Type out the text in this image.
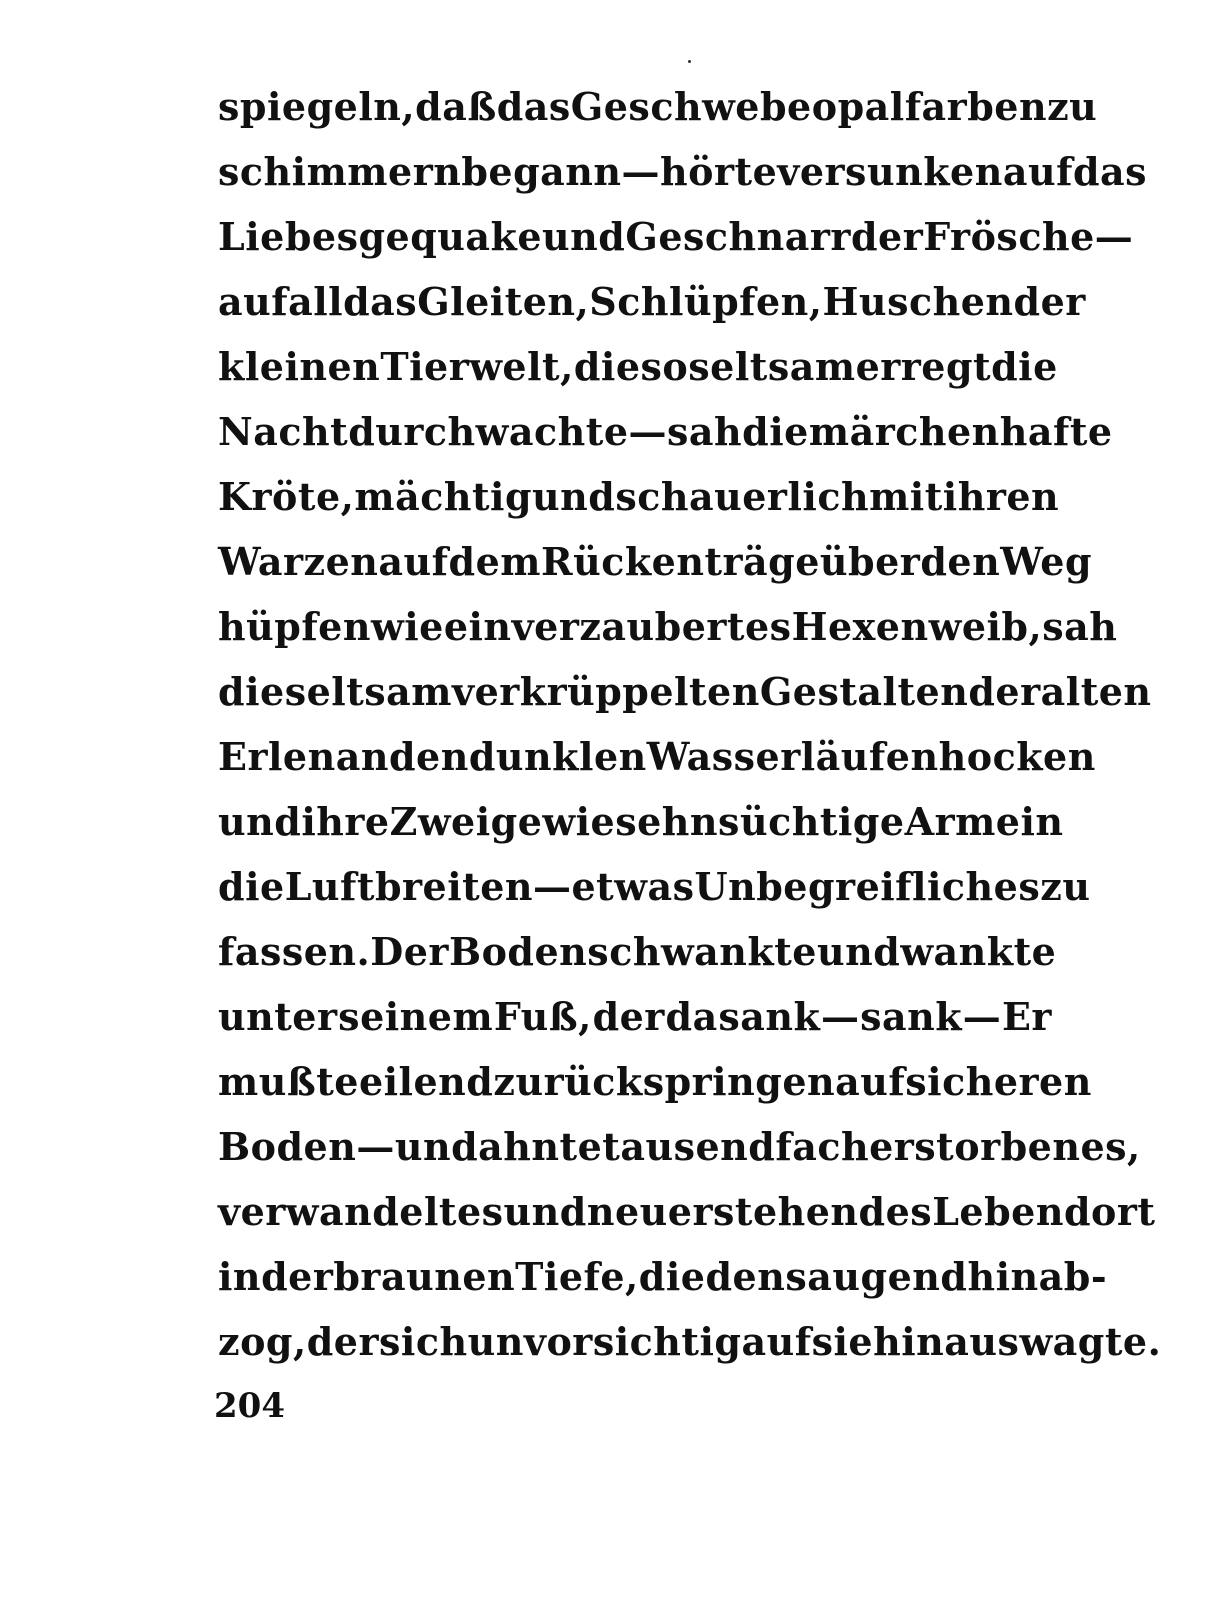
spiegeln, daß das Geschwebe opalfarben zu
schimmern begann — hörte versunken auf das
Liebesgequake und Geschnarr der Frösche —
auf all das Gleiten, Schlüpfen, Huschen der
kleinen Tierwelt, die so seltsam erregt die
Nacht durchwachte — sah die märchenhafte
Kröte, mächtig und schauerlich mit ihren
Warzen auf dem Rücken träge über den Weg
hüpfen wie ein verzaubertes Hexenweib, sah
die seltsam verkrüppelten Gestalten der alten
Erlen an den dunklen Wasserläufen hocken
und ihre Zweige wie sehnsüchtige Arme in
die Luft breiten — etwas Unbegreifliches zu
fassen. Der Boden schwankte und wankte
unter seinem Fuß, der da sank — sank — Er
mußte eilend zurückspringen auf sicheren
Boden — und ahnte tausendfach erstorbenes,
verwandeltes und neuerstehendes Leben dort
in der braunen Tiefe, die den saugend hinab-
zog, der sich unvorsichtig auf sie hinauswagte.
204
